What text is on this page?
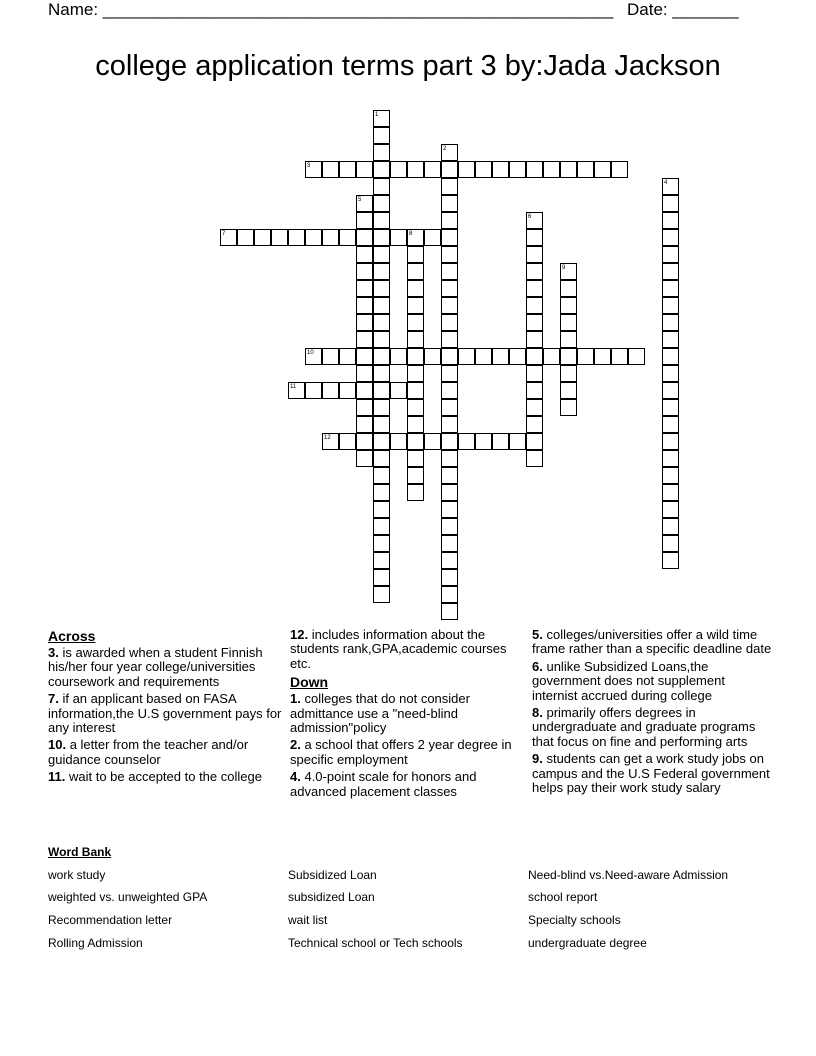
Name: ______________________________________________________ Date: _______
college application terms part 3 by:Jada Jackson
1
2
3
4
5
6
7	8
9
10
11
12
Across
3. is awarded when a student Finnish his/her four year college/universities coursework and requirements
7. if an applicant based on FASA information,the U.S government pays for any interest
10. a letter from the teacher and/or guidance counselor
11. wait to be accepted to the college
12. includes information about the students rank,GPA,academic courses etc.
Down
1. colleges that do not consider admittance use a "need-blind admission"policy
2. a school that offers 2 year degree in specific employment
4. 4.0-point scale for honors and advanced placement classes
5. colleges/universities offer a wild time frame rather than a specific deadline date
6. unlike Subsidized Loans,the government does not supplement internist accrued during college
8. primarily offers degrees in undergraduate and graduate programs that focus on fine and performing arts
9. students can get a work study jobs on campus and the U.S Federal government helps pay their work study salary
Word Bank
work study	Subsidized Loan	Need-blind vs.Need-aware Admission
weighted vs. unweighted GPA	subsidized Loan	school report
Recommendation letter	wait list	Specialty schools
Rolling Admission	Technical school or Tech schools	undergraduate degree
